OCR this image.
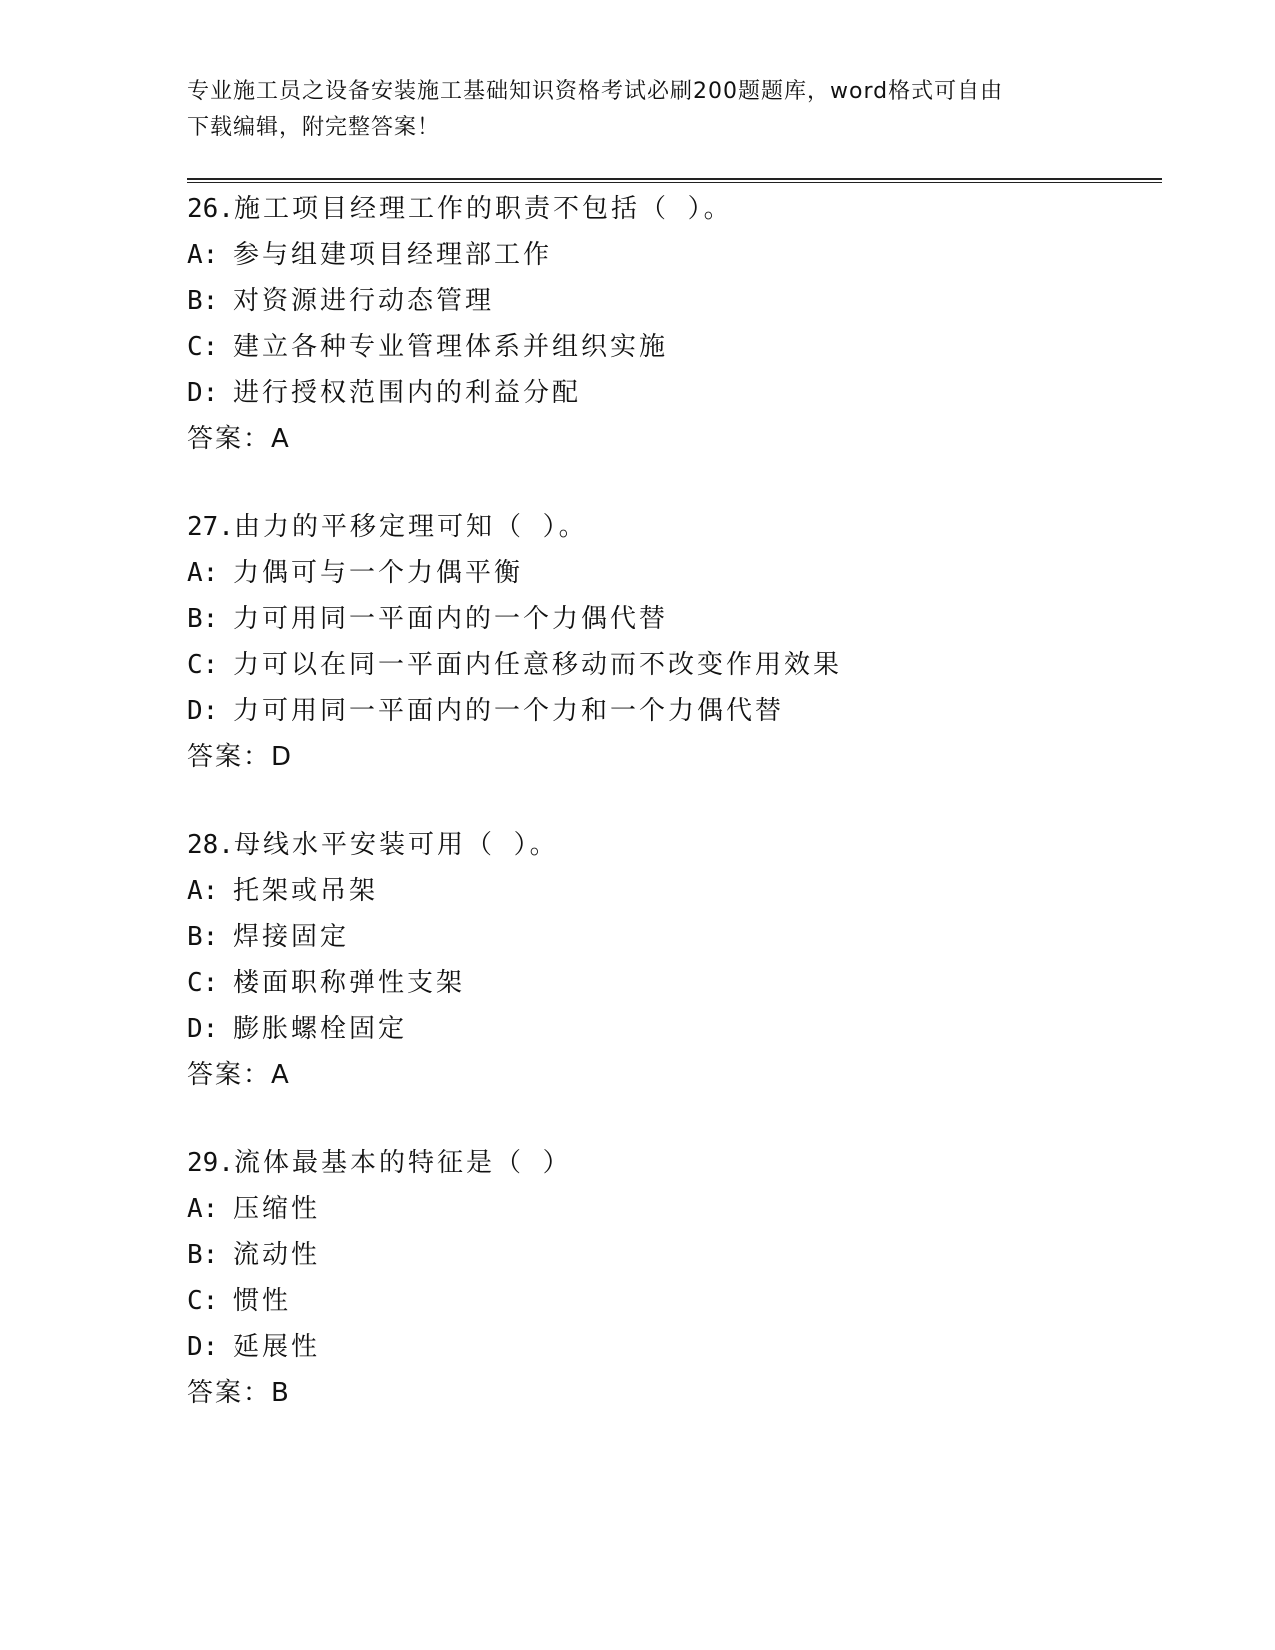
专业施工员之设备安装施工基础知识资格考试必刷200题题库，word格式可自由
下载编辑，附完整答案！
26.施工项目经理工作的职责不包括（ ）。
A: 参与组建项目经理部工作
B: 对资源进行动态管理
C: 建立各种专业管理体系并组织实施
D: 进行授权范围内的利益分配
答案：A
27.由力的平移定理可知（ ）。
A: 力偶可与一个力偶平衡
B: 力可用同一平面内的一个力偶代替
C: 力可以在同一平面内任意移动而不改变作用效果
D: 力可用同一平面内的一个力和一个力偶代替
答案：D
28.母线水平安装可用（ ）。
A: 托架或吊架
B: 焊接固定
C: 楼面职称弹性支架
D: 膨胀螺栓固定
答案：A
29.流体最基本的特征是（ ）
A: 压缩性
B: 流动性
C: 惯性
D: 延展性
答案：B
